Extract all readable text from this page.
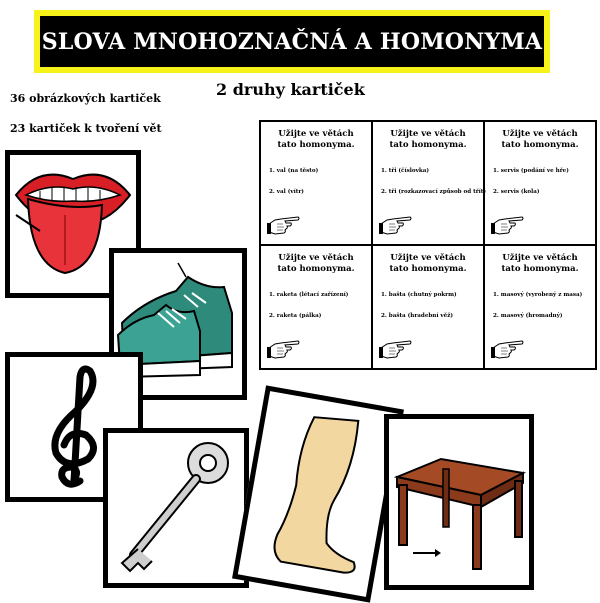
SLOVA MNOHOZNAČNÁ A HOMONYMA
36 obrázkových kartiček
23 kartiček k tvoření vět
2 druhy kartiček
Užijte ve větách
tato homonyma.
1. val (na těsto)
2. val (vítr)
Užijte ve větách
tato homonyma.
1. tři (číslovka)
2. tři (rozkazovací způsob od třít)
Užijte ve větách
tato homonyma.
1. servis (podání ve hře)
2. servis (kola)
Užijte ve větách
tato homonyma.
1. raketa (létací zařízení)
2. raketa (pálka)
Užijte ve větách
tato homonyma.
1. bašta (chutný pokrm)
2. bašta (hradební věž)
Užijte ve větách
tato homonyma.
1. masový (vyrobený z masa)
2. masový (hromadný)
